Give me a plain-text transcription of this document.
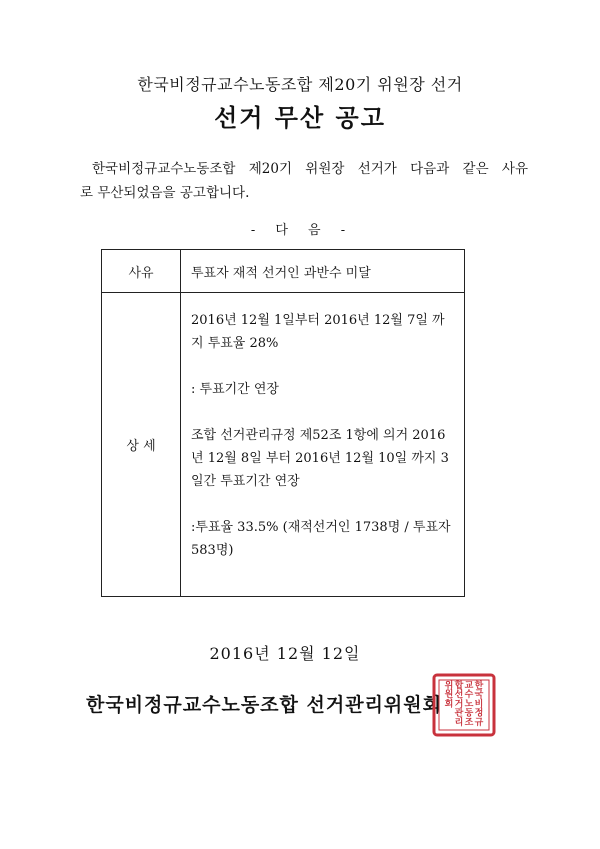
한국비정규교수노동조합 제20기 위원장 선거
선거 무산 공고
한국비정규교수노동조합 제20기 위원장 선거가 다음과 같은 사유
로 무산되었음을 공고합니다.
- 다 음 -
사유	투표자 재적 선거인 과반수 미달
상 세	2016년 12월 1일부터 2016년 12월 7일 까지 투표율 28%

: 투표기간 연장

조합 선거관리규정 제52조 1항에 의거 2016년 12월 8일 부터 2016년 12월 10일 까지 3일간 투표기간 연장

:투표율 33.5% (재적선거인 1738명 / 투표자 583명)

2016년 12월 12일
한국비정규교수노동조합 선거관리위원회
한
국
비
정
규
교
수
노
동
조
합
선
거
관
리
위
원
회
